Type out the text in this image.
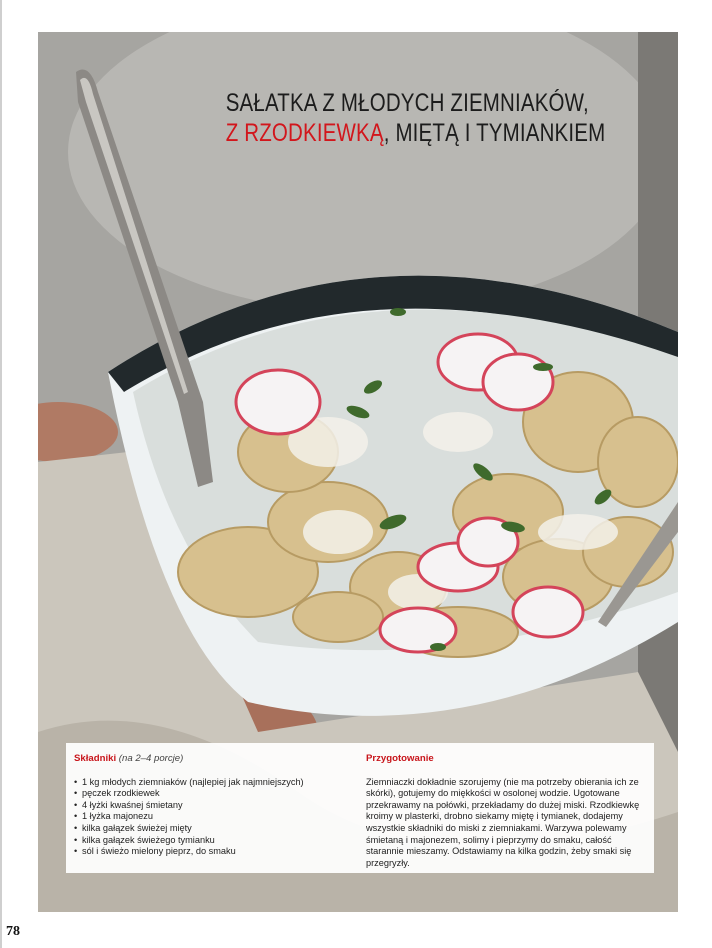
SAŁATKA Z MŁODYCH ZIEMNIAKÓW,
Z RZODKIEWKĄ, MIĘTĄ I TYMIANKIEM
Składniki (na 2–4 porcje)
• 1 kg młodych ziemniaków (najlepiej jak najmniejszych)
• pęczek rzodkiewek
• 4 łyżki kwaśnej śmietany
• 1 łyżka majonezu
• kilka gałązek świeżej mięty
• kilka gałązek świeżego tymianku
• sól i świeżo mielony pieprz, do smaku
Przygotowanie
Ziemniaczki dokładnie szorujemy (nie ma potrzeby obierania ich ze skórki), gotujemy do miękkości w osolonej wodzie. Ugotowane przekrawamy na połówki, przekładamy do dużej miski. Rzodkiewkę kroimy w plasterki, drobno siekamy miętę i tymianek, dodajemy wszystkie składniki do miski z ziemniakami. Warzywa polewamy śmietaną i majonezem, solimy i pieprzymy do smaku, całość starannie mieszamy. Odstawiamy na kilka godzin, żeby smaki się przegryzły.
78
